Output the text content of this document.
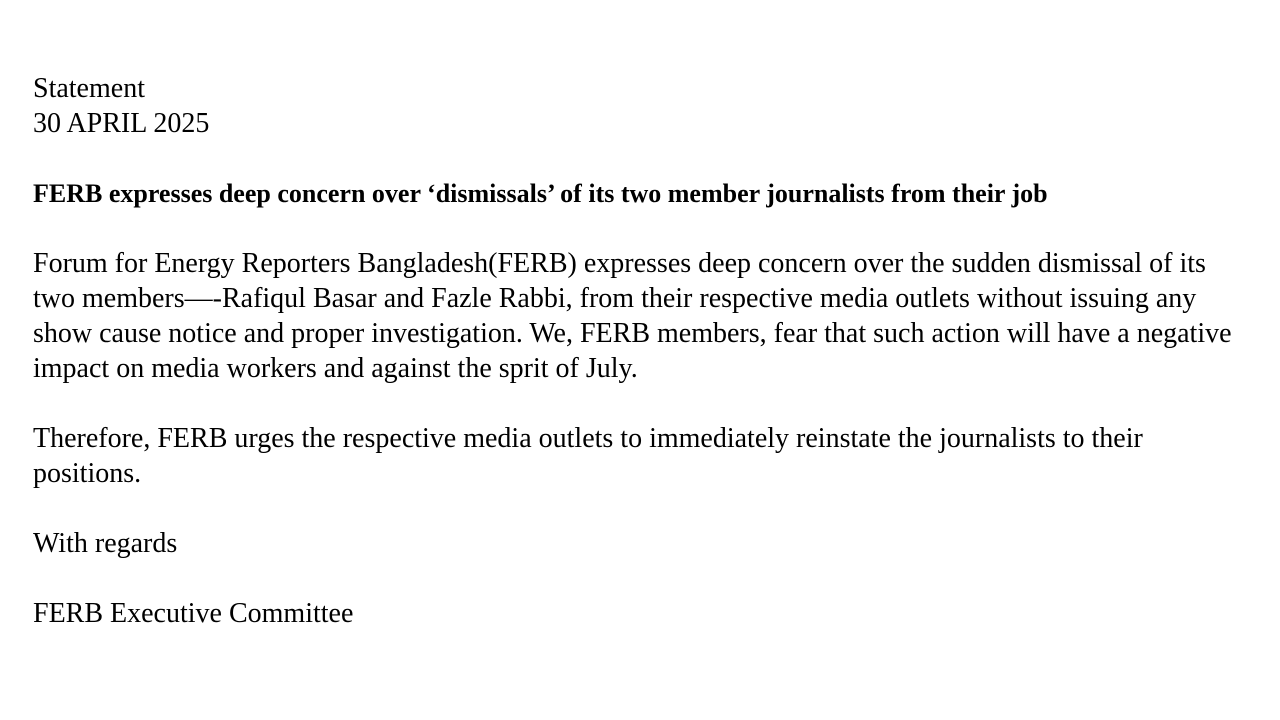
Statement
30 APRIL 2025
FERB expresses deep concern over ‘dismissals’ of its two member journalists from their job
Forum for Energy Reporters Bangladesh(FERB) expresses deep concern over the sudden dismissal of its two members—-Rafiqul Basar and Fazle Rabbi, from their respective media outlets without issuing any show cause notice and proper investigation. We, FERB members, fear that such action will have a negative impact on media workers and against the sprit of July.
Therefore, FERB urges the respective media outlets to immediately reinstate the journalists to their positions.
With regards
FERB Executive Committee
